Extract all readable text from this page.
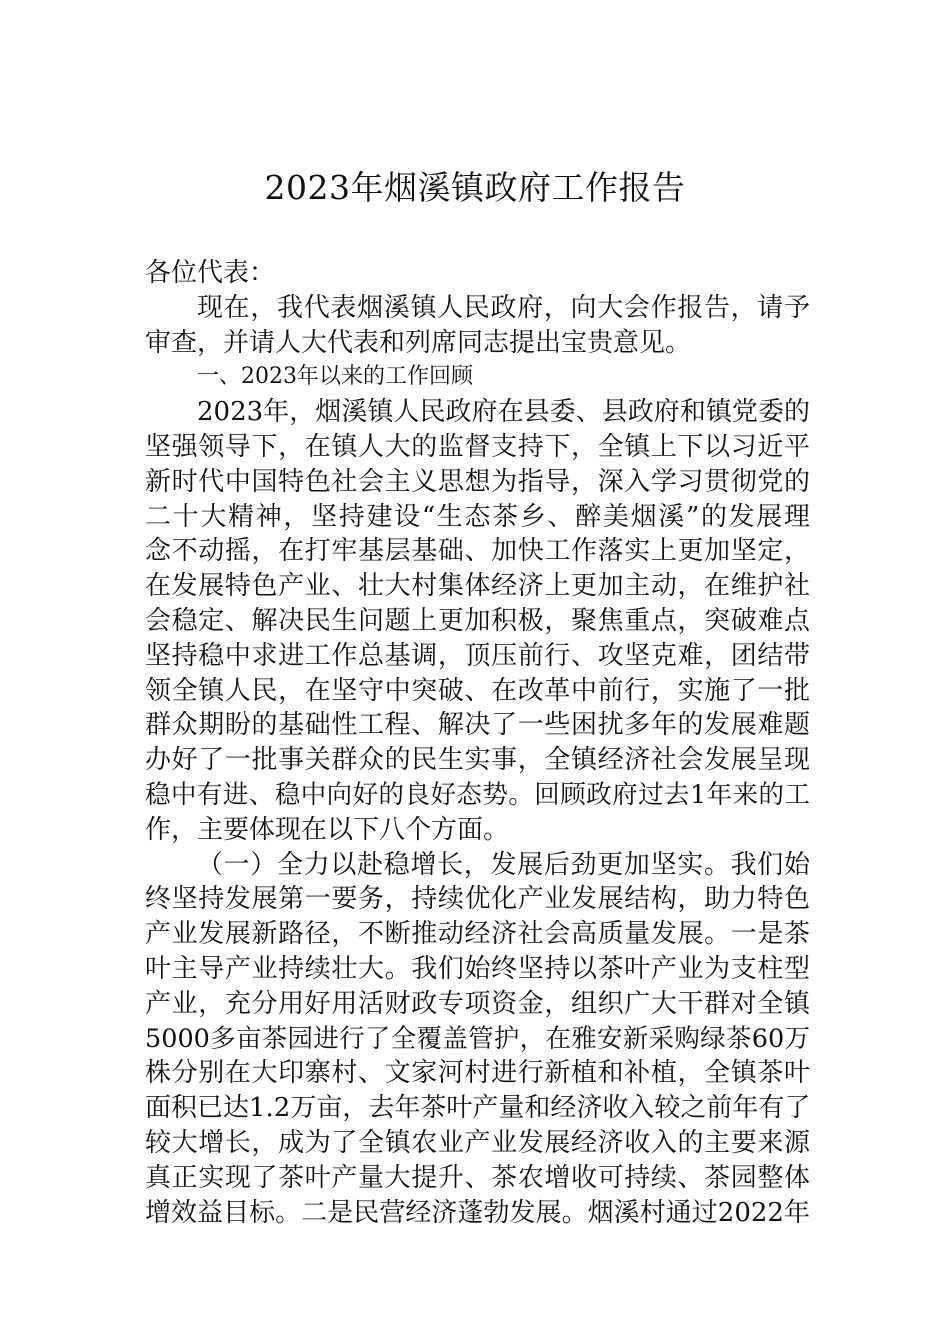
2023年烟溪镇政府工作报告
各位代表：
现在，我代表烟溪镇人民政府，向大会作报告，请予
审查，并请人大代表和列席同志提出宝贵意见。
一、2023年以来的工作回顾
2023年，烟溪镇人民政府在县委、县政府和镇党委的
坚强领导下，在镇人大的监督支持下，全镇上下以习近平
新时代中国特色社会主义思想为指导，深入学习贯彻党的
二十大精神，坚持建设“生态茶乡、醉美烟溪”的发展理
念不动摇，在打牢基层基础、加快工作落实上更加坚定，
在发展特色产业、壮大村集体经济上更加主动，在维护社
会稳定、解决民生问题上更加积极，聚焦重点，突破难点
坚持稳中求进工作总基调，顶压前行、攻坚克难，团结带
领全镇人民，在坚守中突破、在改革中前行，实施了一批
群众期盼的基础性工程、解决了一些困扰多年的发展难题
办好了一批事关群众的民生实事，全镇经济社会发展呈现
稳中有进、稳中向好的良好态势。回顾政府过去1年来的工
作，主要体现在以下八个方面。
（一）全力以赴稳增长，发展后劲更加坚实。我们始
终坚持发展第一要务，持续优化产业发展结构，助力特色
产业发展新路径，不断推动经济社会高质量发展。一是茶
叶主导产业持续壮大。我们始终坚持以茶叶产业为支柱型
产业，充分用好用活财政专项资金，组织广大干群对全镇
5000多亩茶园进行了全覆盖管护，在雅安新采购绿茶60万
株分别在大印寨村、文家河村进行新植和补植，全镇茶叶
面积已达1.2万亩，去年茶叶产量和经济收入较之前年有了
较大增长，成为了全镇农业产业发展经济收入的主要来源
真正实现了茶叶产量大提升、茶农增收可持续、茶园整体
增效益目标。二是民营经济蓬勃发展。烟溪村通过2022年
